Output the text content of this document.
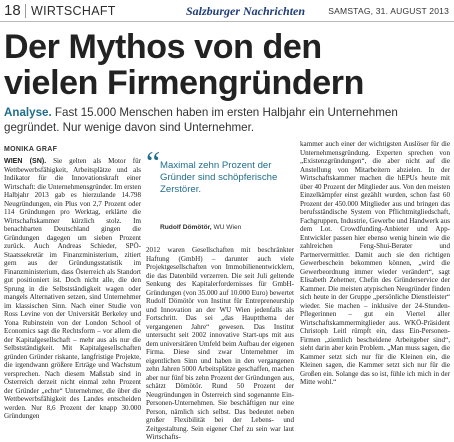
18 WIRTSCHAFT	Salzburger Nachrichten	SAMSTAG, 31. AUGUST 2013
Der Mythos von den
vielen Firmengründern

Analyse. Fast 15.000 Menschen haben im ersten Halbjahr ein Unternehmen gegründet. Nur wenige davon sind Unternehmer.

MONIKA GRAF

WIEN (SN). Sie gelten als Motor für Wettbewerbsfähigkeit, Arbeitsplätze und als Indikator für die Innovationskraft einer Wirtschaft: die Unternehmensgründer. Im ersten Halbjahr 2013 gab es hierzulande 14.798 Neugründungen, ein Plus von 2,7 Prozent oder 114 Gründungen pro Werktag, erklärte die Wirtschaftskammer kürzlich stolz. Im benachbarten Deutschland gingen die Gründungen dagegen um sieben Prozent zurück. Auch Andreas Schieder, SPÖ-Staatssekretär im Finanzministerium, zitiert gern aus der Gründungsstatistik im Finanzministerium, dass Österreich als Standort gut positioniert ist. Doch nicht alle, die den Sprung in die Selbstständigkeit wagen oder mangels Alternativen setzen, sind Unternehmer im klassischen Sinn. Nach einer Studie von Ross Levine von der Universität Berkeley und Yona Rubinstein von der London School of Economics sagt die Rechtsform – vor allem die der Kapitalgesellschaft – mehr aus als nur die Selbstständigkeit. Mit Kapitalgesellschaften gründen Gründer riskante, langfristige Projekte, die irgendwann größere Erträge und Wachstum versprechen. Nach diesem Maßstab sind in Österreich derzeit nicht einmal zehn Prozent der Gründer „echte“ Unternehmer, die über die Wettbewerbsfähigkeit des Landes entscheiden werden. Nur 8,6 Prozent der knapp 30.000 Gründungen

“ Maximal zehn Prozent der Gründer sind schöpferische Zerstörer.
Rudolf Dömötör, WU Wien

2012 waren Gesellschaften mit beschränkter Haftung (GmbH) – darunter auch viele Projektgesellschaften von Immobilienentwicklern, die das Datenbild verzerren. Die seit Juli geltende Senkung des Kapitalerfordernisses für GmbH-Gründungen (von 35.000 auf 10.000 Euro) bewertet Rudolf Dömötör von Institut für Entrepreneurship und Innovation an der WU Wien jedenfalls als Fortschritt. Das sei „das Hauptthema der vergangenen Jahre“ gewesen. Das Institut untersucht seit 2002 innovative Start-ups mit aus dem universitären Umfeld beim Aufbau der eigenen Firma. Diese sind zwar Unternehmer im eigentlichen Sinn und haben in den vergangenen zehn Jahren 5000 Arbeitsplätze geschaffen, machen aber nur fünf bis zehn Prozent der Gründungen aus, schätzt Dömötör. Rund 50 Prozent der Neugründungen in Österreich sind sogenannte Ein-Personen-Unternehmen. Sie beschäftigen nur eine Person, nämlich sich selbst. Das bedeutet neben großer Flexibilität bei der Lebens- und Zeitgestaltung. Sein eigener Chef zu sein war laut Wirtschafts-

kammer auch einer der wichtigsten Auslöser für die Unternehmensgründung. Experten sprechen von „Existenzgründungen“, die aber nicht auf die Anstellung von Mitarbeitern abzielen. In der Wirtschaftskammer machen die hEPUs heute mit über 40 Prozent der Mitglieder aus. Von den meisten Einzelkämpfer einst gezählt wurden, schon fast 60 Prozent der 450.000 Mitglieder aus und bringen das berufsständische System von Pflichtmitgliedschaft, Fachgruppen, Industrie, Gewerbe und Handwerk aus dem Lot. Crowdfunding-Anbieter und App-Entwickler passen hier ebenso wenig hinein wie die zahlreichen Feng-Shui-Berater und Partnervermittler. Damit auch sie den richtigen Gewerbeschein bekommen können, „wird die Gewerbeordnung immer wieder verändert“, sagt Elisabeth Zehetner, Chefin des Gründerservice der Kammer. Die meisten atypischen Neugründer finden sich heute in der Gruppe „persönliche Dienstleister“ wieder. Sie machen – inklusive der 24-Stunden-Pflegerinnen – gut ein Viertel aller Wirtschaftskammermitglieder aus. WKÖ-Präsident Christoph Leitl rümpft ein, dass Ein-Personen-Firmen „ziemlich bescheidene Arbeitgeber sind“, sieht darin aber kein Problem. „Man muss sagen, die Kammer setzt sich nur für die Kleinen ein, die Kleinen sagen, die Kammer setzt sich nur für die Großen ein. Solange das so ist, fühle ich mich in der Mitte wohl.“
